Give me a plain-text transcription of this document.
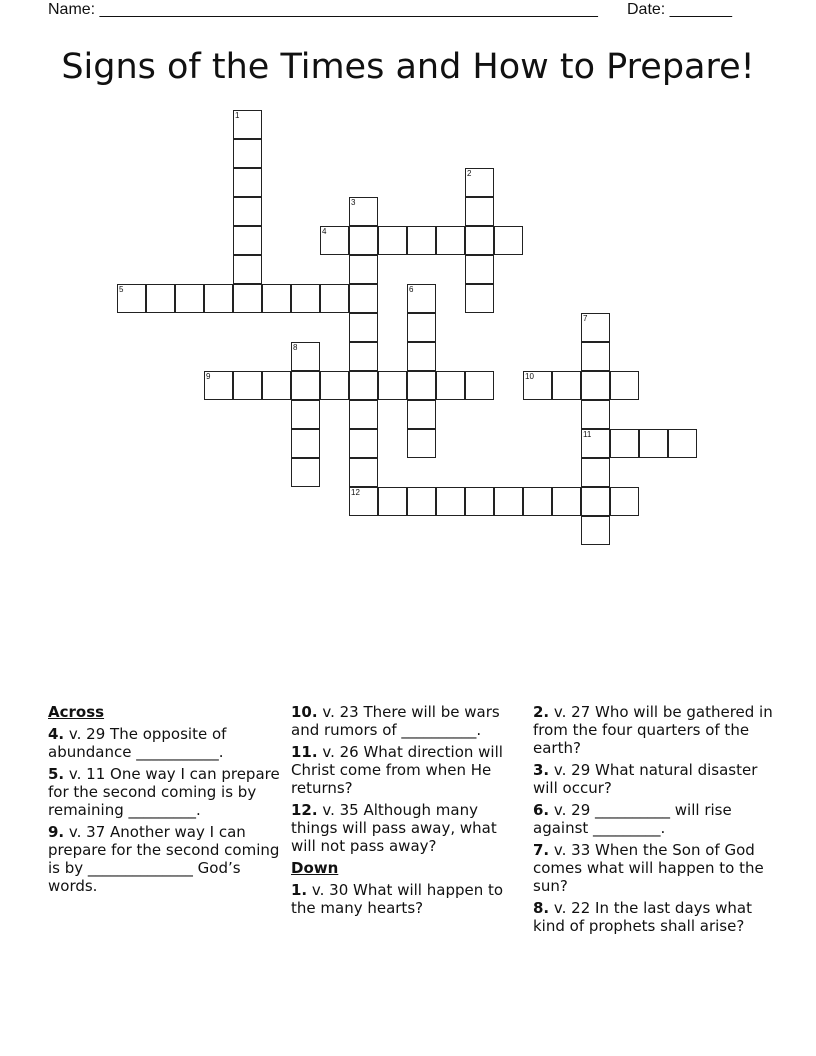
Name: ________________________________________________________ Date: _______
Signs of the Times and How to Prepare!
1
2
3
4
5	6
7
8
9	10
11
12
Across
4. v. 29 The opposite of abundance ___________.
5. v. 11 One way I can prepare for the second coming is by remaining _________.
9. v. 37 Another way I can prepare for the second coming is by ______________ God’s words.
10. v. 23 There will be wars and rumors of __________.
11. v. 26 What direction will Christ come from when He returns?
12. v. 35 Although many things will pass away, what will not pass away?
Down
1. v. 30 What will happen to the many hearts?
2. v. 27 Who will be gathered in from the four quarters of the earth?
3. v. 29 What natural disaster will occur?
6. v. 29 __________ will rise against _________.
7. v. 33 When the Son of God comes what will happen to the sun?
8. v. 22 In the last days what kind of prophets shall arise?
